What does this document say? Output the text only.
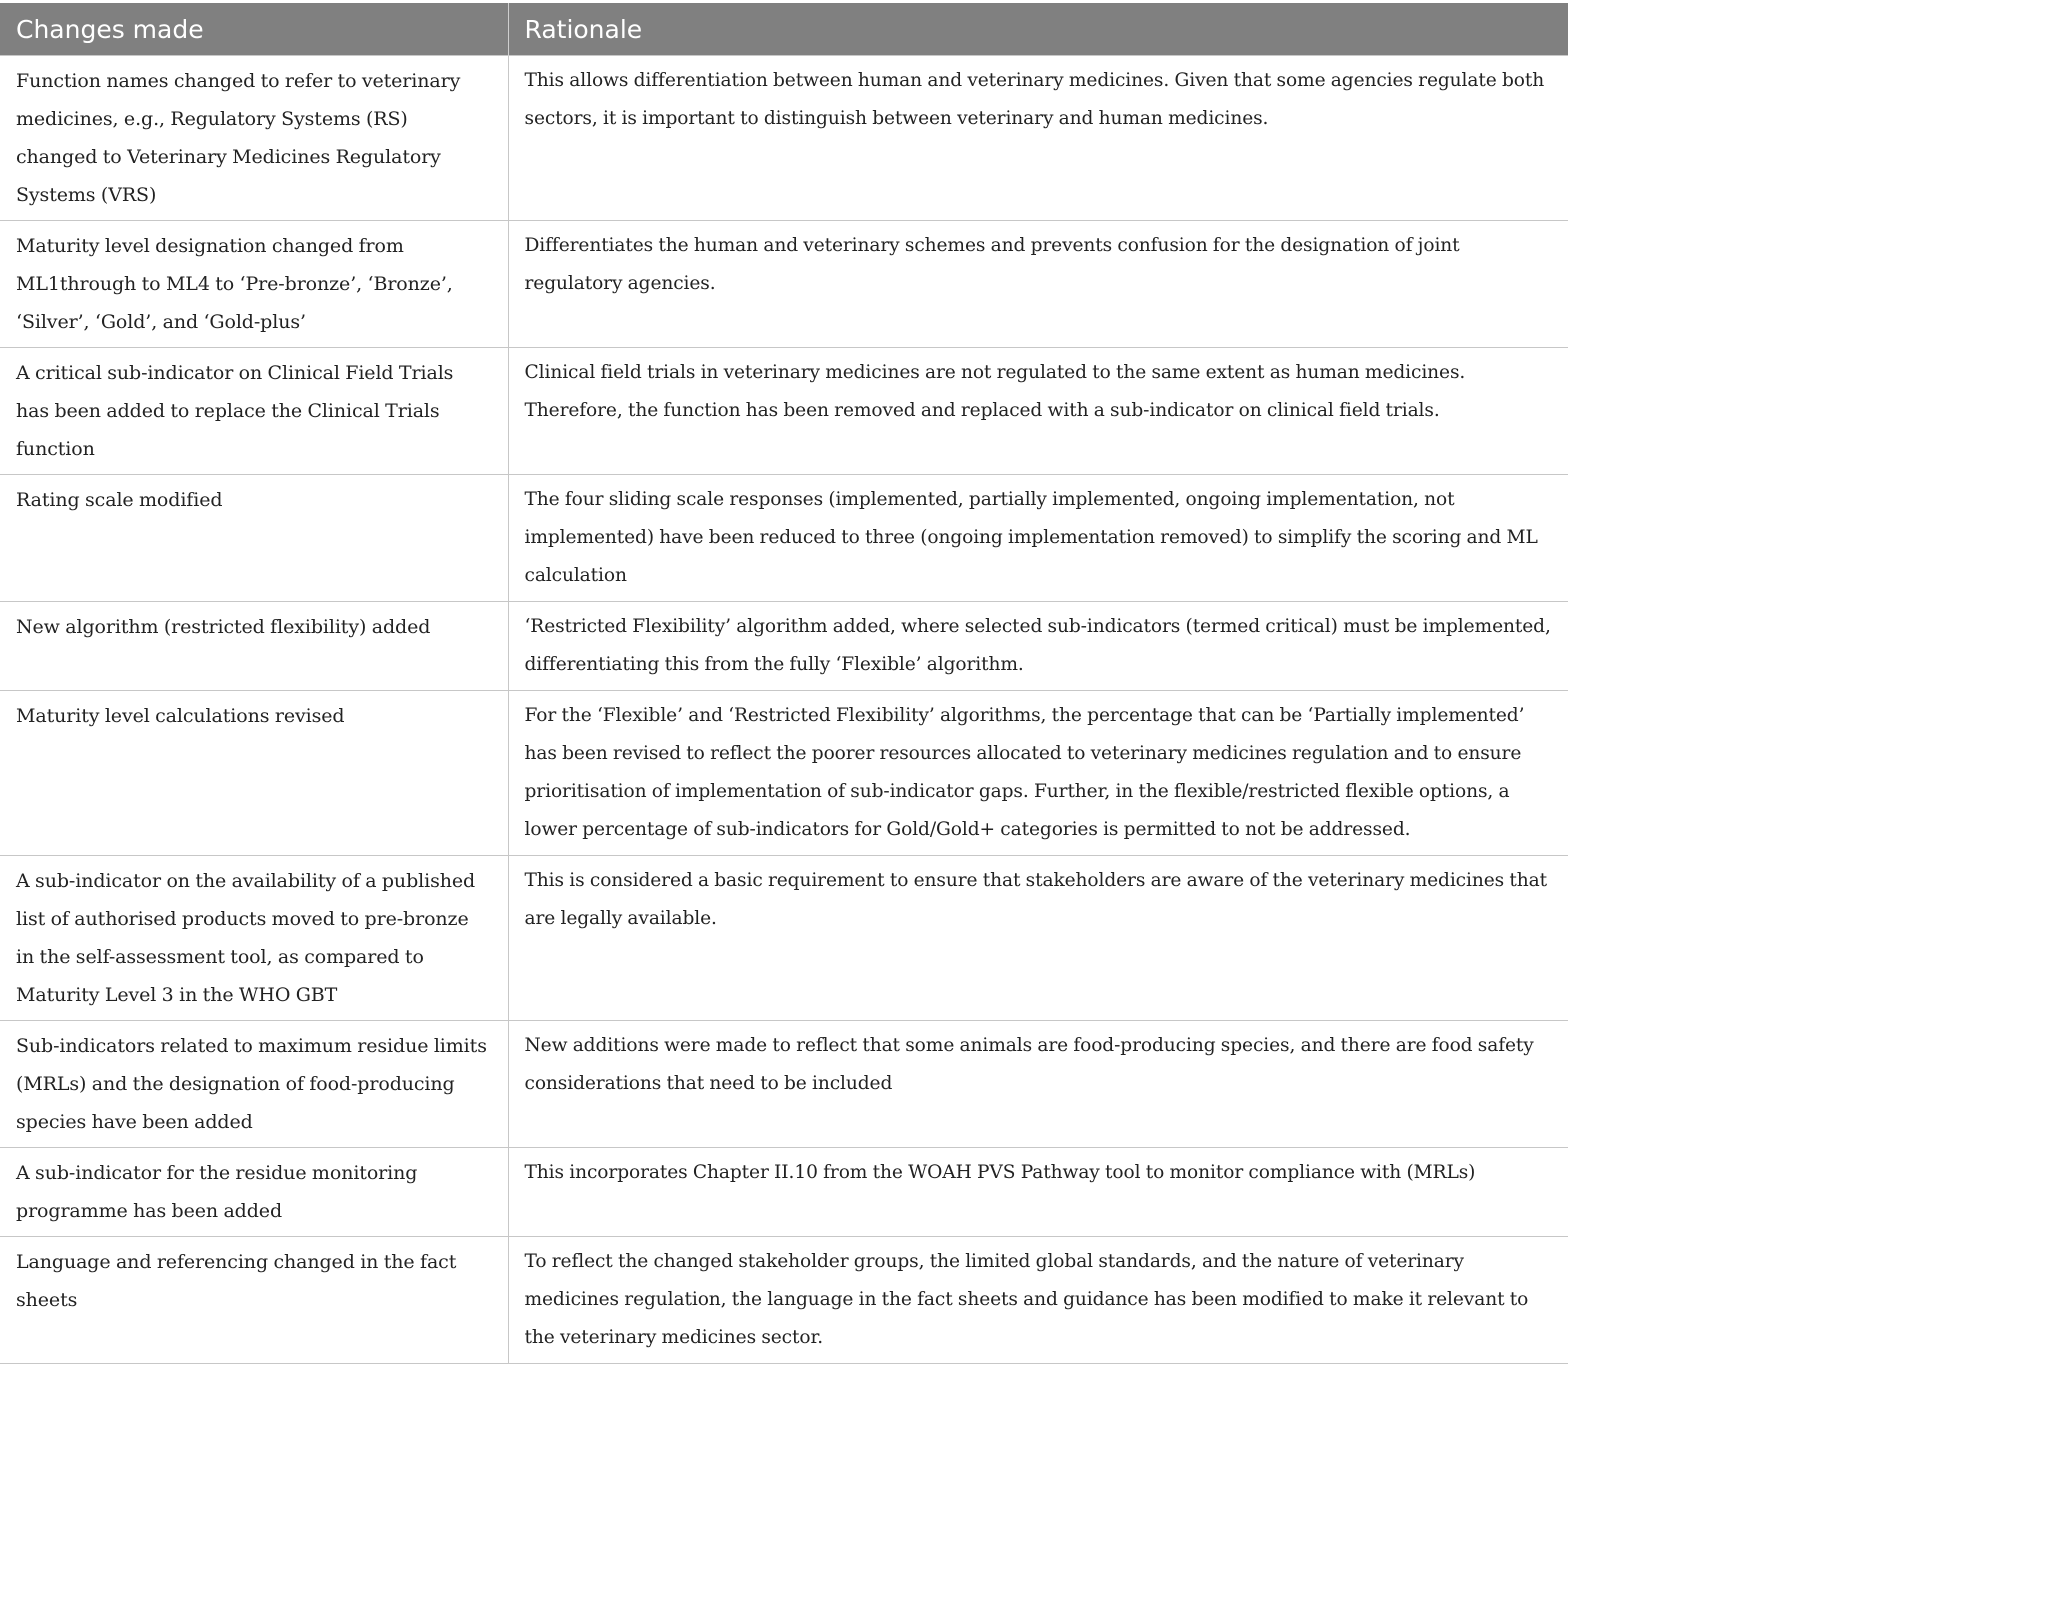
Changes made	Rationale
Function names changed to refer to veterinary medicines, e.g., Regulatory Systems (RS) changed to Veterinary Medicines Regulatory Systems (VRS)	This allows differentiation between human and veterinary medicines. Given that some agencies regulate both sectors, it is important to distinguish between veterinary and human medicines.
Maturity level designation changed from ML1through to ML4 to ‘Pre-bronze’, ‘Bronze’, ‘Silver’, ‘Gold’, and ‘Gold-plus’	Differentiates the human and veterinary schemes and prevents confusion for the designation of joint regulatory agencies.
A critical sub-indicator on Clinical Field Trials has been added to replace the Clinical Trials function	Clinical field trials in veterinary medicines are not regulated to the same extent as human medicines. Therefore, the function has been removed and replaced with a sub-indicator on clinical field trials.
Rating scale modified	The four sliding scale responses (implemented, partially implemented, ongoing implementation, not implemented) have been reduced to three (ongoing implementation removed) to simplify the scoring and ML calculation
New algorithm (restricted flexibility) added	‘Restricted Flexibility’ algorithm added, where selected sub-indicators (termed critical) must be implemented, differentiating this from the fully ‘Flexible’ algorithm.
Maturity level calculations revised	For the ‘Flexible’ and ‘Restricted Flexibility’ algorithms, the percentage that can be ‘Partially implemented’ has been revised to reflect the poorer resources allocated to veterinary medicines regulation and to ensure prioritisation of implementation of sub-indicator gaps. Further, in the flexible/restricted flexible options, a lower percentage of sub-indicators for Gold/Gold+ categories is permitted to not be addressed.
A sub-indicator on the availability of a published list of authorised products moved to pre-bronze in the self-assessment tool, as compared to Maturity Level 3 in the WHO GBT	This is considered a basic requirement to ensure that stakeholders are aware of the veterinary medicines that are legally available.
Sub-indicators related to maximum residue limits (MRLs) and the designation of food-producing species have been added	New additions were made to reflect that some animals are food-producing species, and there are food safety considerations that need to be included
A sub-indicator for the residue monitoring programme has been added	This incorporates Chapter II.10 from the WOAH PVS Pathway tool to monitor compliance with (MRLs)
Language and referencing changed in the fact sheets	To reflect the changed stakeholder groups, the limited global standards, and the nature of veterinary medicines regulation, the language in the fact sheets and guidance has been modified to make it relevant to the veterinary medicines sector.
